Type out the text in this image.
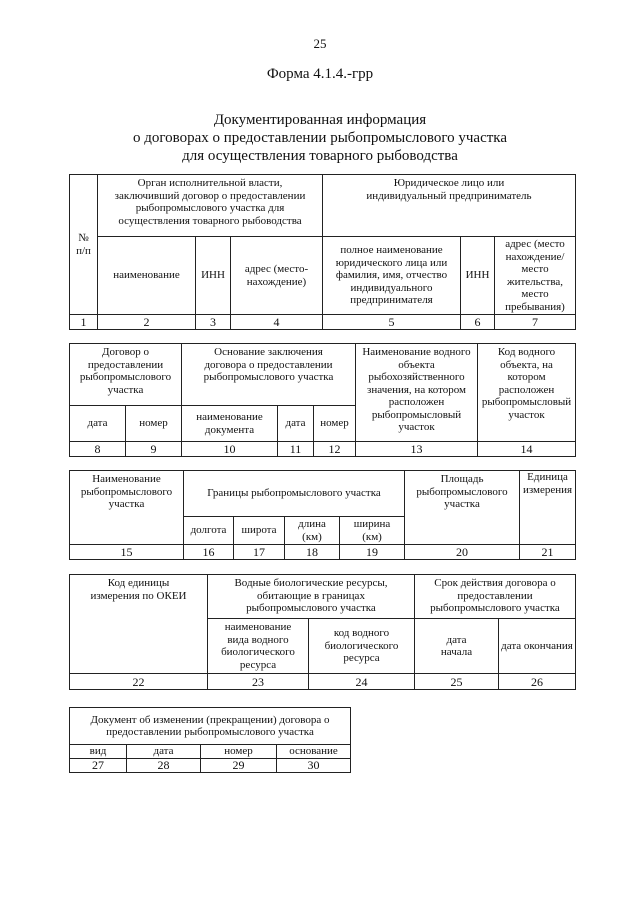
25
Форма 4.1.4.-грр
Документированная информация
о договорах о предоставлении рыбопромыслового участка
для осуществления товарного рыбоводства
№
п/п	Орган исполнительной власти, заключивший договор о предоставлении рыбопромыслового участка для осуществления товарного рыбоводства			Юридическое лицо или индивидуальный предприниматель		
	наименование	ИНН	адрес (место-нахождение)	полное наименование юридического лица или фамилия, имя, отчество индивидуального предпринимателя	ИНН	адрес (место нахождение/ место жительства, место пребывания)
1	2	3	4	5	6	7
Договор о предоставлении рыбопромыслового участка		Основание заключения договора о предоставлении рыбопромыслового участка			Наименование водного объекта рыбохозяйственного значения, на котором расположен рыбопромысловый участок	Код водного объекта, на котором расположен рыбопромысловый участок
дата	номер	наименование документа	дата	номер		
8	9	10	11	12	13	14
Наименование рыбопромыслового участка	Границы рыбопромыслового участка				Площадь рыбопромыслового участка	Единица измерения
	долгота	широта	длина (км)	ширина (км)		
15	16	17	18	19	20	21
Код единицы измерения по ОКЕИ	Водные биологические ресурсы, обитающие в границах рыбопромыслового участка		Срок действия договора о предоставлении рыбопромыслового участка	
	наименование вида водного биологического ресурса	код водного биологического ресурса	дата начала	дата окончания
22	23	24	25	26
Документ об изменении (прекращении) договора о предоставлении рыбопромыслового участка			
вид	дата	номер	основание
27	28	29	30
